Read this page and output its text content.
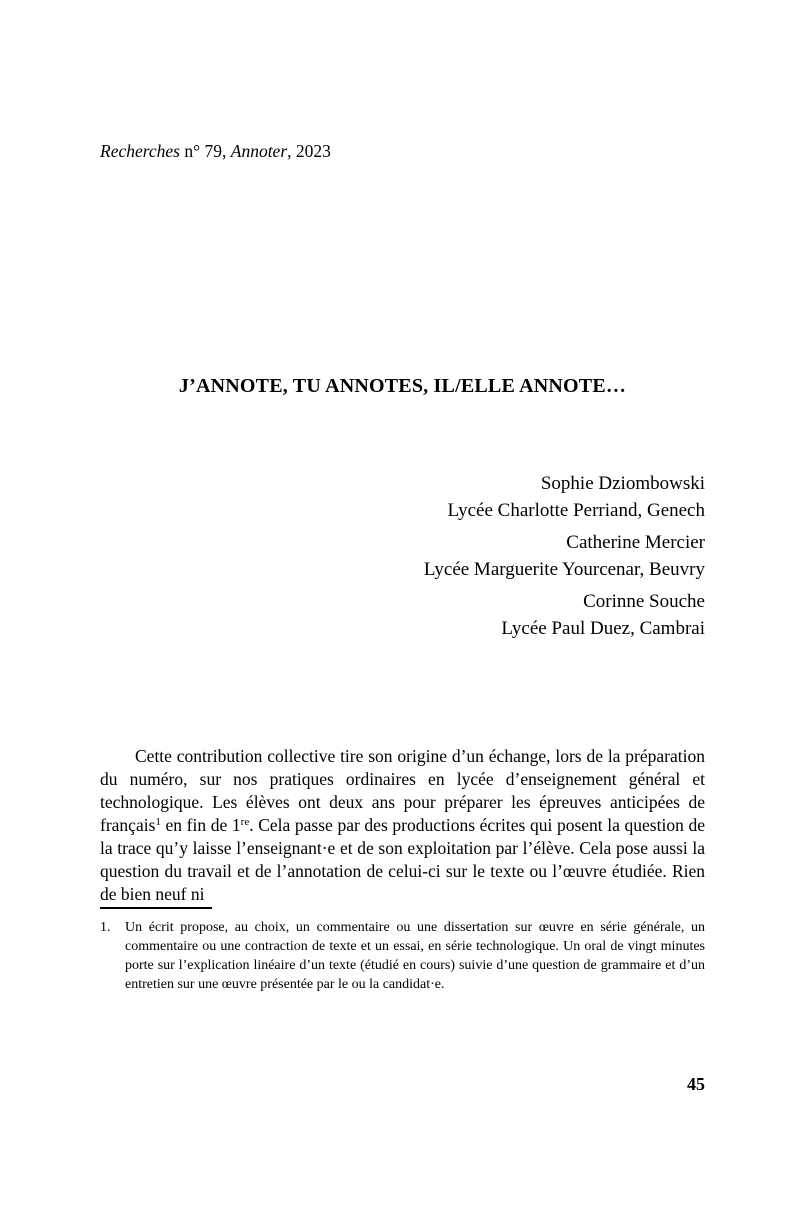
Recherches n° 79, Annoter, 2023
J’ANNOTE, TU ANNOTES, IL/ELLE ANNOTE…
Sophie Dziombowski
Lycée Charlotte Perriand, Genech
Catherine Mercier
Lycée Marguerite Yourcenar, Beuvry
Corinne Souche
Lycée Paul Duez, Cambrai

Cette contribution collective tire son origine d’un échange, lors de la préparation du numéro, sur nos pratiques ordinaires en lycée d’enseignement général et technologique. Les élèves ont deux ans pour préparer les épreuves anticipées de français$^1$ en fin de 1re. Cela passe par des productions écrites qui posent la question de la trace qu’y laisse l’enseignant·e et de son exploitation par l’élève. Cela pose aussi la question du travail et de l’annotation de celui-ci sur le texte ou l’œuvre étudiée. Rien de bien neuf ni

1. Un écrit propose, au choix, un commentaire ou une dissertation sur œuvre en série générale, un commentaire ou une contraction de texte et un essai, en série technologique. Un oral de vingt minutes porte sur l’explication linéaire d’un texte (étudié en cours) suivie d’une question de grammaire et d’un entretien sur une œuvre présentée par le ou la candidat·e.
45
